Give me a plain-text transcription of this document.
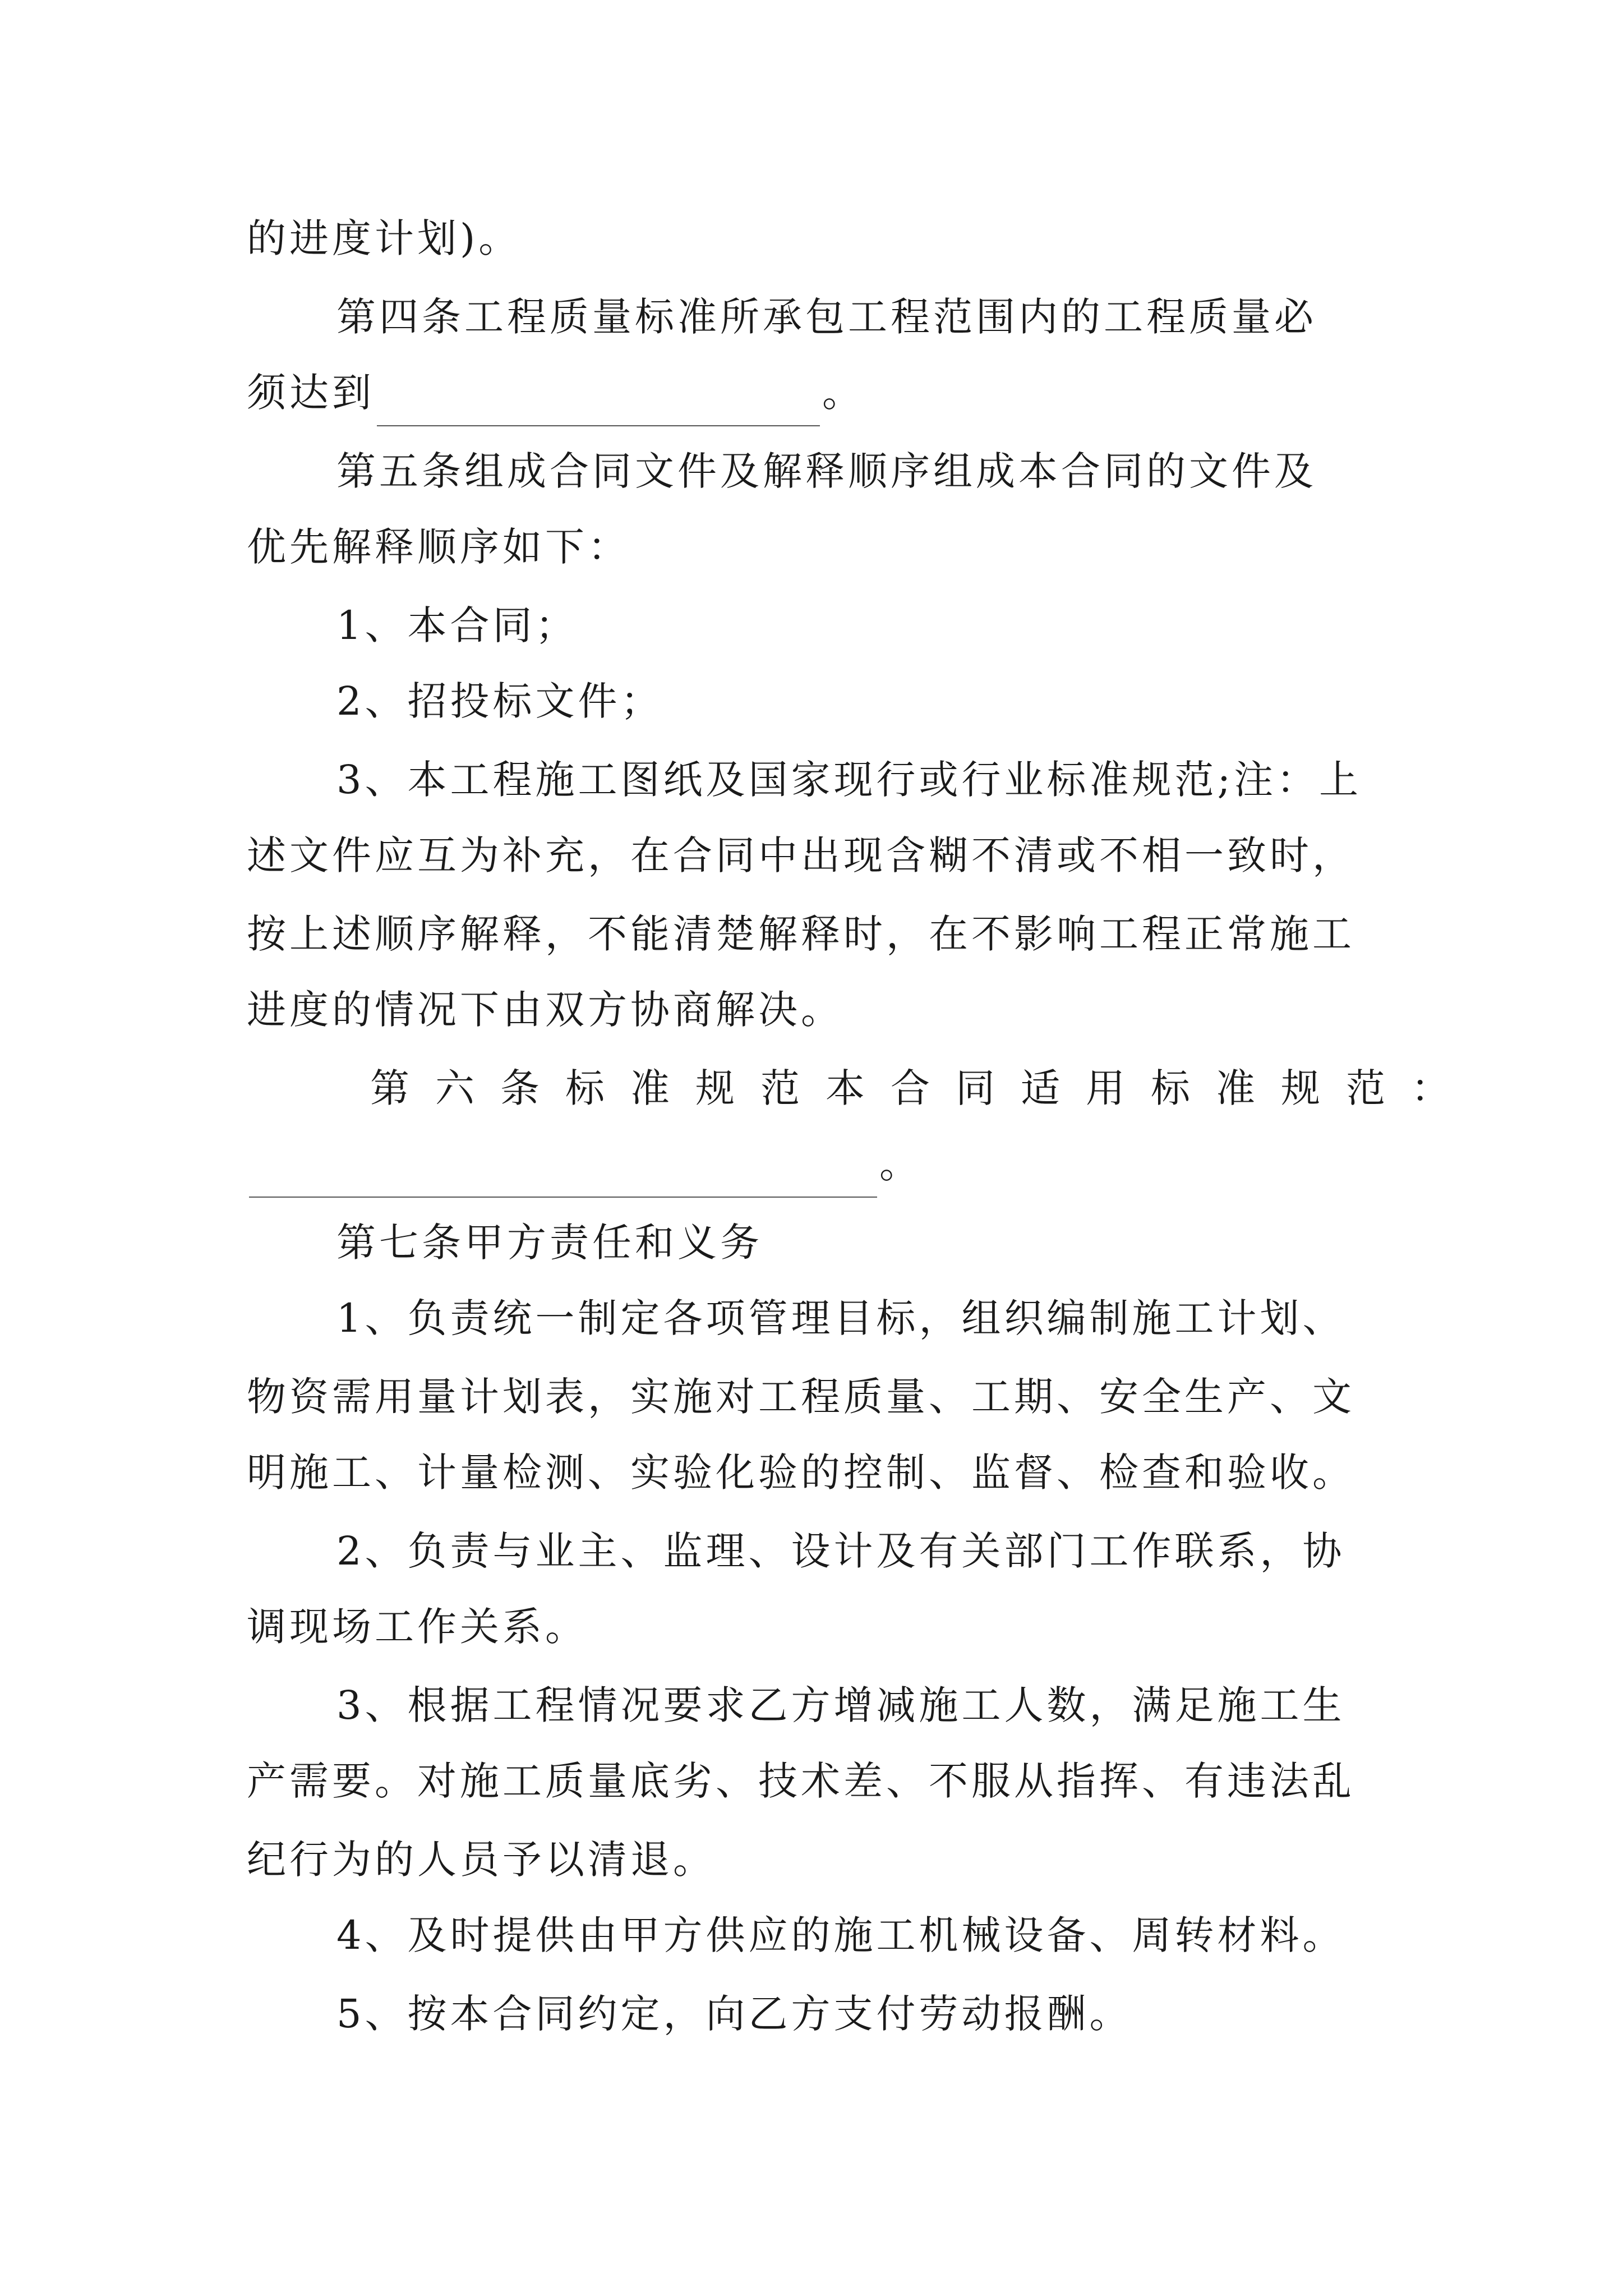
的进度计划)。
第四条工程质量标准所承包工程范围内的工程质量必
须达到	。
第五条组成合同文件及解释顺序组成本合同的文件及
优先解释顺序如下：
1、本合同；
2、招投标文件；
3、本工程施工图纸及国家现行或行业标准规范;注：上
述文件应互为补充，在合同中出现含糊不清或不相一致时，
按上述顺序解释，不能清楚解释时，在不影响工程正常施工
进度的情况下由双方协商解决。
第六条标准规范本合同适用标准规范：
。
第七条甲方责任和义务
1、负责统一制定各项管理目标，组织编制施工计划、
物资需用量计划表，实施对工程质量、工期、安全生产、文
明施工、计量检测、实验化验的控制、监督、检查和验收。
2、负责与业主、监理、设计及有关部门工作联系，协
调现场工作关系。
3、根据工程情况要求乙方增减施工人数，满足施工生
产需要。对施工质量底劣、技术差、不服从指挥、有违法乱
纪行为的人员予以清退。
4、及时提供由甲方供应的施工机械设备、周转材料。
5、按本合同约定，向乙方支付劳动报酬。
